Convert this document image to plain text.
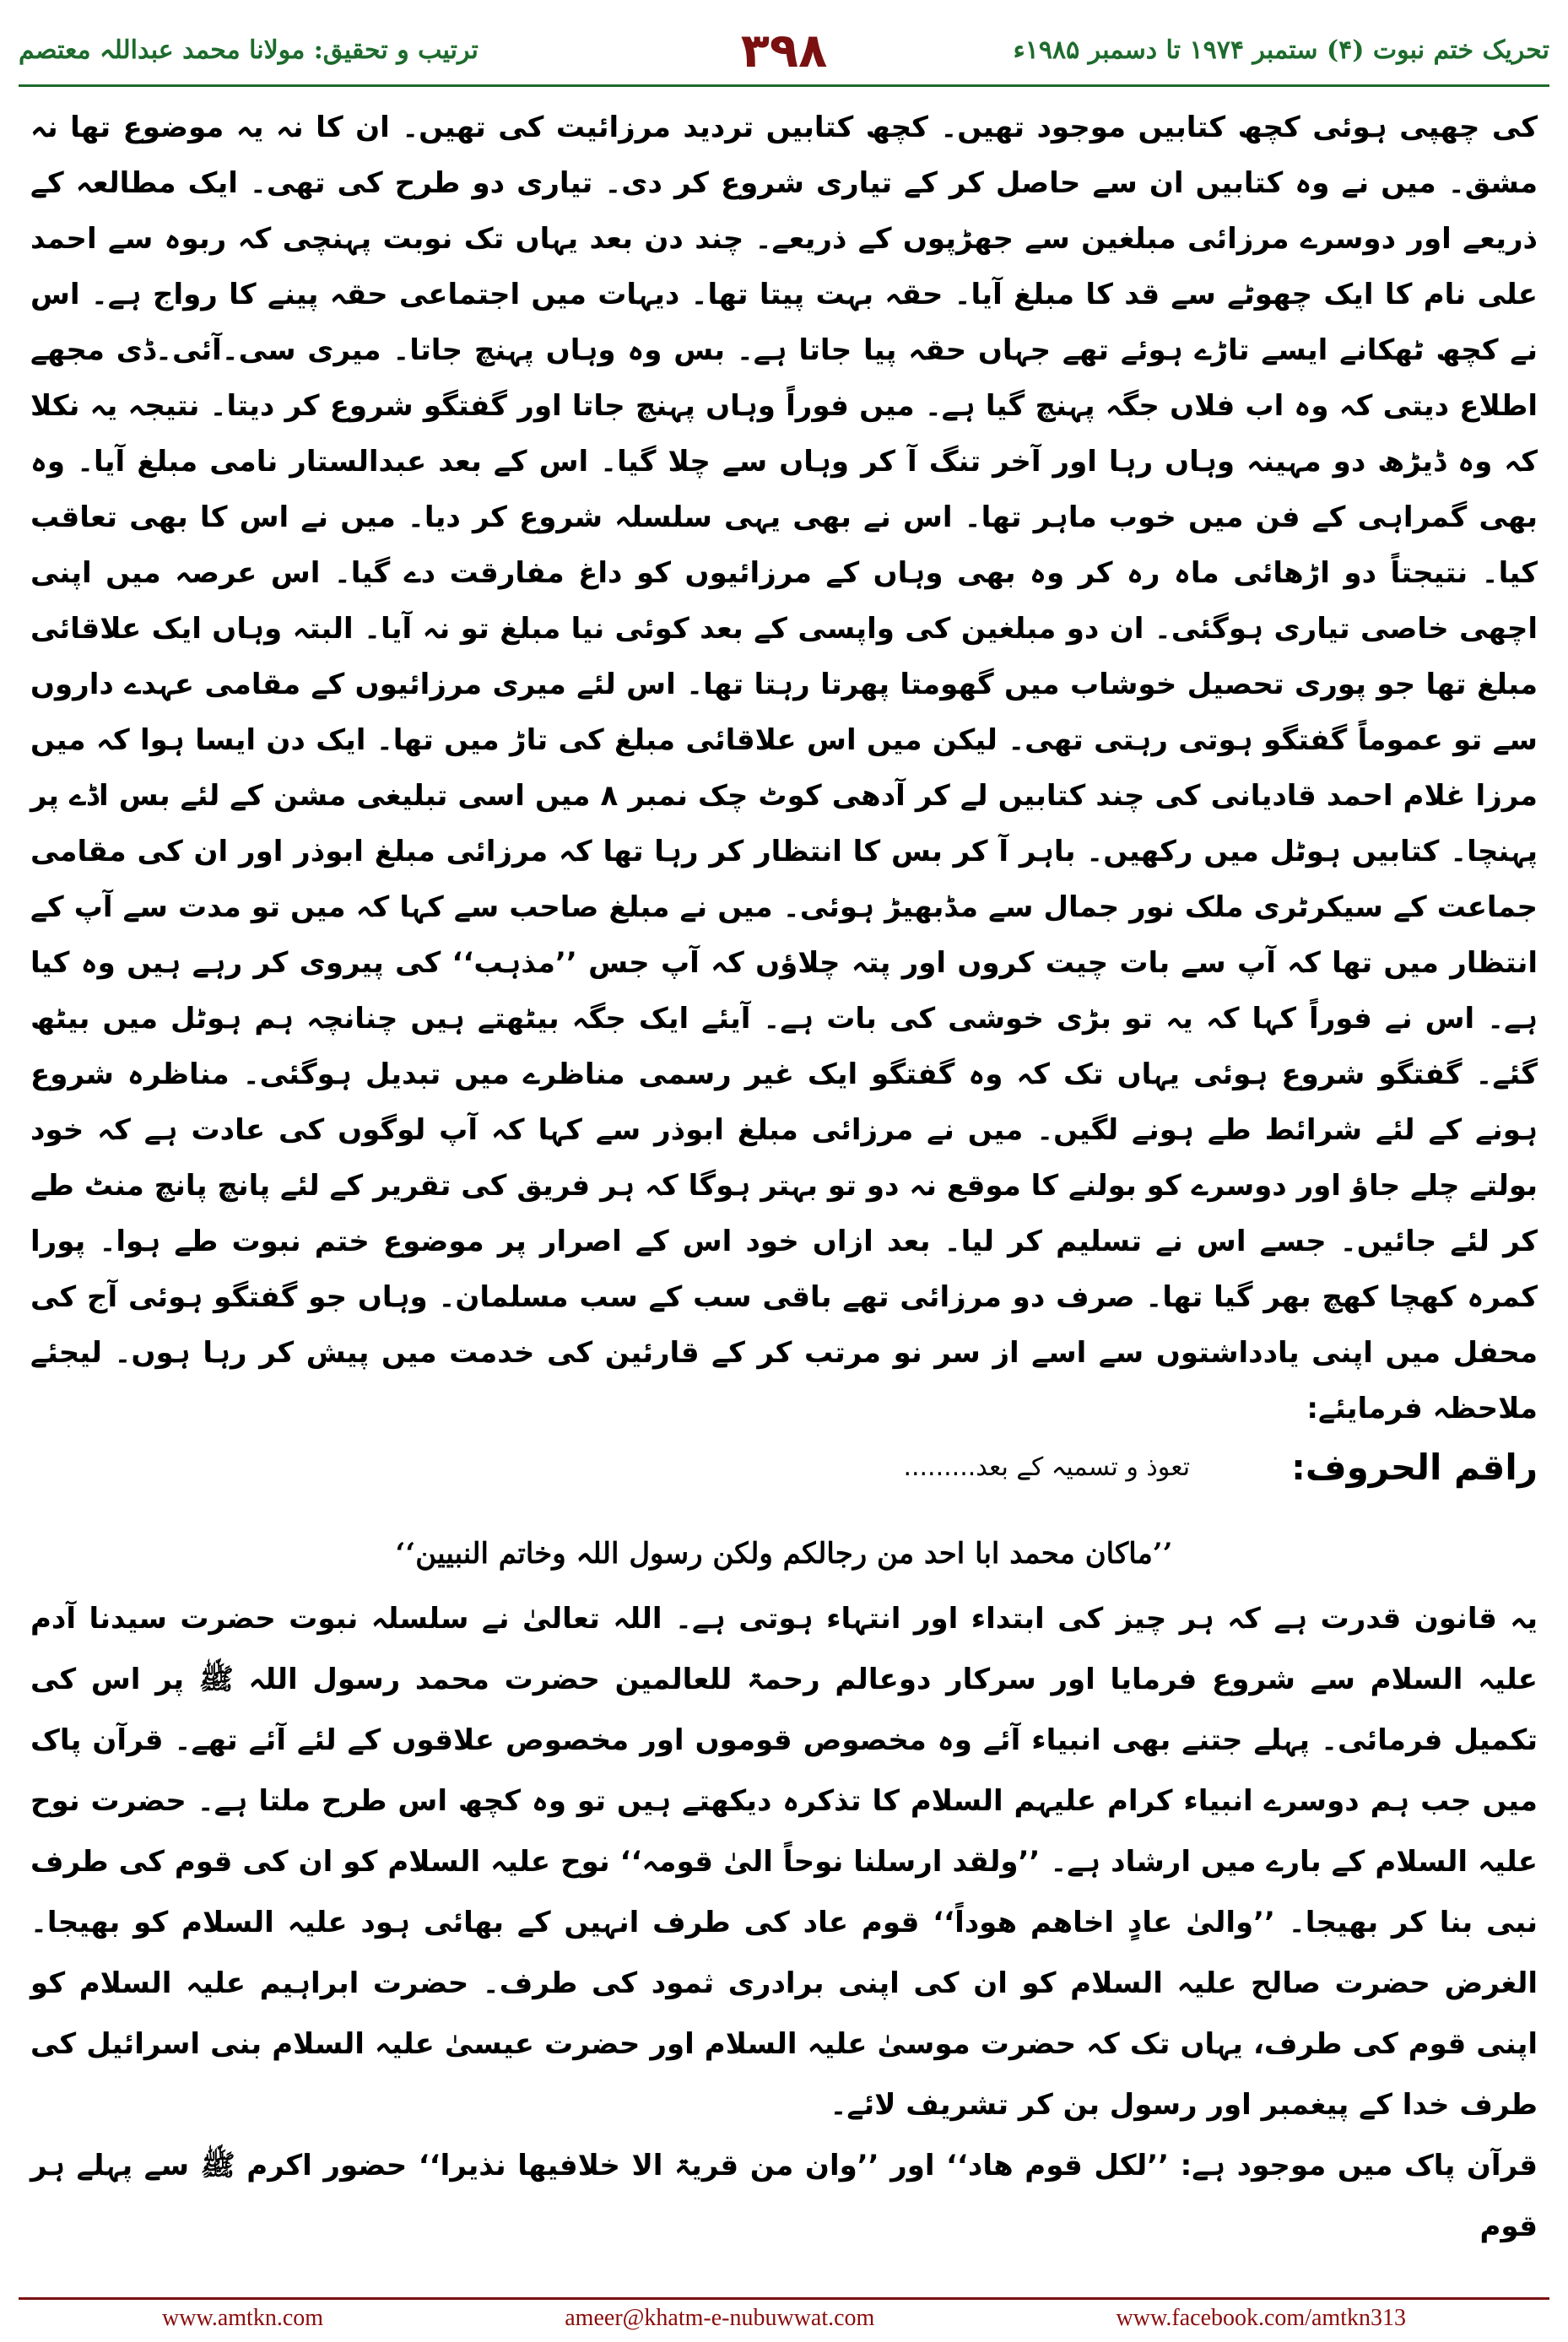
تحریک ختم نبوت (۴) ستمبر ۱۹۷۴ تا دسمبر ۱۹۸۵ء
۳۹۸
ترتیب و تحقیق: مولانا محمد عبداللہ معتصم

کی چھپی ہوئی کچھ کتابیں موجود تھیں۔ کچھ کتابیں تردید مرزائیت کی تھیں۔ ان کا نہ یہ موضوع تھا نہ مشق۔ میں نے وہ کتابیں ان سے حاصل کر کے تیاری شروع کر دی۔ تیاری دو طرح کی تھی۔ ایک مطالعہ کے ذریعے اور دوسرے مرزائی مبلغین سے جھڑپوں کے ذریعے۔ چند دن بعد یہاں تک نوبت پہنچی کہ ربوہ سے احمد علی نام کا ایک چھوٹے سے قد کا مبلغ آیا۔ حقہ بہت پیتا تھا۔ دیہات میں اجتماعی حقہ پینے کا رواج ہے۔ اس نے کچھ ٹھکانے ایسے تاڑے ہوئے تھے جہاں حقہ پیا جاتا ہے۔ بس وہ وہاں پہنچ جاتا۔ میری سی۔آئی۔ڈی مجھے اطلاع دیتی کہ وہ اب فلاں جگہ پہنچ گیا ہے۔ میں فوراً وہاں پہنچ جاتا اور گفتگو شروع کر دیتا۔ نتیجہ یہ نکلا کہ وہ ڈیڑھ دو مہینہ وہاں رہا اور آخر تنگ آ کر وہاں سے چلا گیا۔ اس کے بعد عبدالستار نامی مبلغ آیا۔ وہ بھی گمراہی کے فن میں خوب ماہر تھا۔ اس نے بھی یہی سلسلہ شروع کر دیا۔ میں نے اس کا بھی تعاقب کیا۔ نتیجتاً دو اڑھائی ماہ رہ کر وہ بھی وہاں کے مرزائیوں کو داغ مفارقت دے گیا۔ اس عرصہ میں اپنی اچھی خاصی تیاری ہوگئی۔ ان دو مبلغین کی واپسی کے بعد کوئی نیا مبلغ تو نہ آیا۔ البتہ وہاں ایک علاقائی مبلغ تھا جو پوری تحصیل خوشاب میں گھومتا پھرتا رہتا تھا۔ اس لئے میری مرزائیوں کے مقامی عہدے داروں سے تو عموماً گفتگو ہوتی رہتی تھی۔ لیکن میں اس علاقائی مبلغ کی تاڑ میں تھا۔ ایک دن ایسا ہوا کہ میں مرزا غلام احمد قادیانی کی چند کتابیں لے کر آدھی کوٹ چک نمبر ۸ میں اسی تبلیغی مشن کے لئے بس اڈے پر پہنچا۔ کتابیں ہوٹل میں رکھیں۔ باہر آ کر بس کا انتظار کر رہا تھا کہ مرزائی مبلغ ابوذر اور ان کی مقامی جماعت کے سیکرٹری ملک نور جمال سے مڈبھیڑ ہوئی۔ میں نے مبلغ صاحب سے کہا کہ میں تو مدت سے آپ کے انتظار میں تھا کہ آپ سے بات چیت کروں اور پتہ چلاؤں کہ آپ جس ’’مذہب‘‘ کی پیروی کر رہے ہیں وہ کیا ہے۔ اس نے فوراً کہا کہ یہ تو بڑی خوشی کی بات ہے۔ آیئے ایک جگہ بیٹھتے ہیں چنانچہ ہم ہوٹل میں بیٹھ گئے۔ گفتگو شروع ہوئی یہاں تک کہ وہ گفتگو ایک غیر رسمی مناظرے میں تبدیل ہوگئی۔ مناظرہ شروع ہونے کے لئے شرائط طے ہونے لگیں۔ میں نے مرزائی مبلغ ابوذر سے کہا کہ آپ لوگوں کی عادت ہے کہ خود بولتے چلے جاؤ اور دوسرے کو بولنے کا موقع نہ دو تو بہتر ہوگا کہ ہر فریق کی تقریر کے لئے پانچ پانچ منٹ طے کر لئے جائیں۔ جسے اس نے تسلیم کر لیا۔ بعد ازاں خود اس کے اصرار پر موضوع ختم نبوت طے ہوا۔ پورا کمرہ کھچا کھچ بھر گیا تھا۔ صرف دو مرزائی تھے باقی سب کے سب مسلمان۔ وہاں جو گفتگو ہوئی آج کی محفل میں اپنی یادداشتوں سے اسے از سر نو مرتب کر کے قارئین کی خدمت میں پیش کر رہا ہوں۔ لیجئے ملاحظہ فرمایئے:

راقم الحروف:
تعوذ و تسمیہ کے بعد.........
’’ماکان محمد ابا احد من رجالکم ولکن رسول اللہ وخاتم النبیین‘‘

یہ قانون قدرت ہے کہ ہر چیز کی ابتداء اور انتہاء ہوتی ہے۔ اللہ تعالیٰ نے سلسلہ نبوت حضرت سیدنا آدم علیہ السلام سے شروع فرمایا اور سرکار دوعالم رحمۃ للعالمین حضرت محمد رسول اللہ ﷺ پر اس کی تکمیل فرمائی۔ پہلے جتنے بھی انبیاء آئے وہ مخصوص قوموں اور مخصوص علاقوں کے لئے آئے تھے۔ قرآن پاک میں جب ہم دوسرے انبیاء کرام علیہم السلام کا تذکرہ دیکھتے ہیں تو وہ کچھ اس طرح ملتا ہے۔ حضرت نوح علیہ السلام کے بارے میں ارشاد ہے۔ ’’ولقد ارسلنا نوحاً الیٰ قومہ‘‘ نوح علیہ السلام کو ان کی قوم کی طرف نبی بنا کر بھیجا۔ ’’والیٰ عادٍ اخاھم ھوداً‘‘ قوم عاد کی طرف انہیں کے بھائی ہود علیہ السلام کو بھیجا۔ الغرض حضرت صالح علیہ السلام کو ان کی اپنی برادری ثمود کی طرف۔ حضرت ابراہیم علیہ السلام کو اپنی قوم کی طرف، یہاں تک کہ حضرت موسیٰ علیہ السلام اور حضرت عیسیٰ علیہ السلام بنی اسرائیل کی طرف خدا کے پیغمبر اور رسول بن کر تشریف لائے۔

قرآن پاک میں موجود ہے: ’’لکل قوم ھاد‘‘ اور ’’وان من قریۃ الا خلافیھا نذیرا‘‘ حضور اکرم ﷺ سے پہلے ہر قوم

www.amtkn.com	ameer@khatm-e-nubuwwat.com	www.facebook.com/amtkn313
